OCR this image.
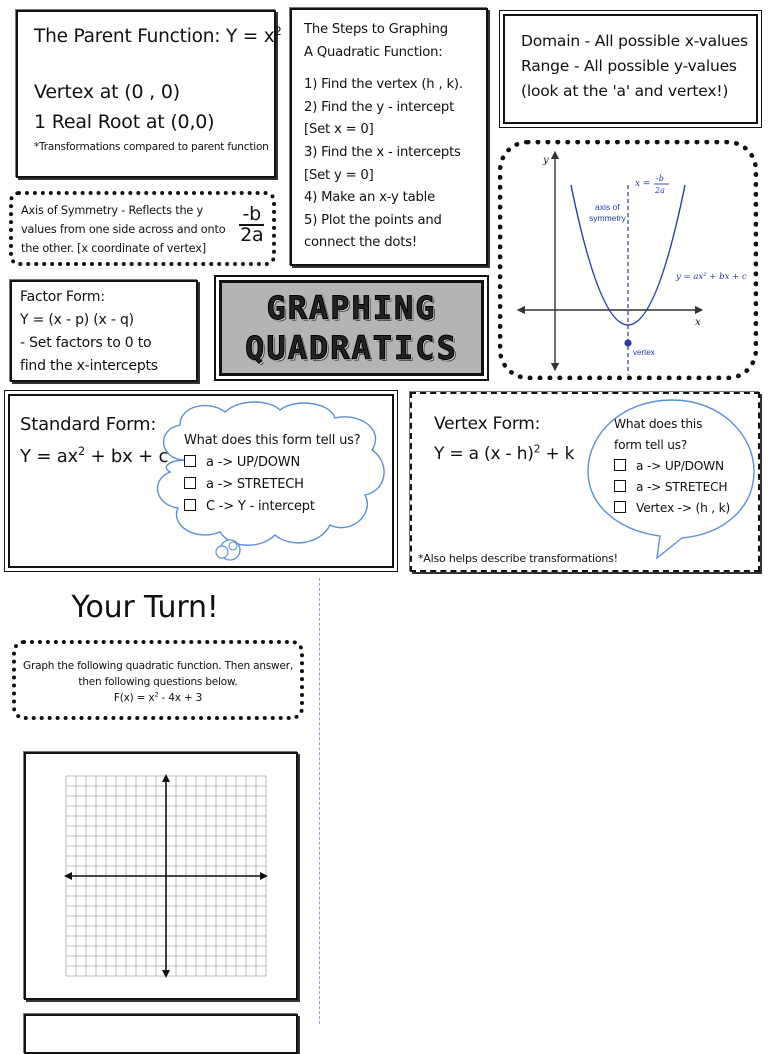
The Parent Function: $Y = x^2$
Vertex at (0 , 0)
1 Real Root at (0,0)
*Transformations compared to parent function
The Steps to Graphing
A Quadratic Function:

1) Find the vertex (h , k).
2) Find the y - intercept
[Set x = 0]
3) Find the x - intercepts
[Set y = 0]
4) Make an x-y table
5) Plot the points and
connect the dots!
Domain - All possible x-values
Range - All possible y-values
(look at the 'a' and vertex!)
Axis of Symmetry - Reflects the y
values from one side across and onto
the other. [x coordinate of vertex]
$\frac{-b}{2a}$
y
x
axis of
symmetry
x =
-b
2a
y = ax² + bx + c
vertex
Factor Form:
Y = (x - p) (x - q)
- Set factors to 0 to
find the x-intercepts
GRAPHING
QUADRATICS
Standard Form:
$Y = ax^2$ + bx + c
What does this form tell us?
a -> UP/DOWN
a -> STRETECH
C -> Y - intercept
Vertex Form:
Y = a (x - h)$^2$ + k
*Also helps describe transformations!
What does this
form tell us?
a -> UP/DOWN
a -> STRETECH
Vertex -> (h , k)
Your Turn!
Graph the following quadratic function. Then answer,
then following questions below.
$F(x) = x^2 - 4x + 3$
